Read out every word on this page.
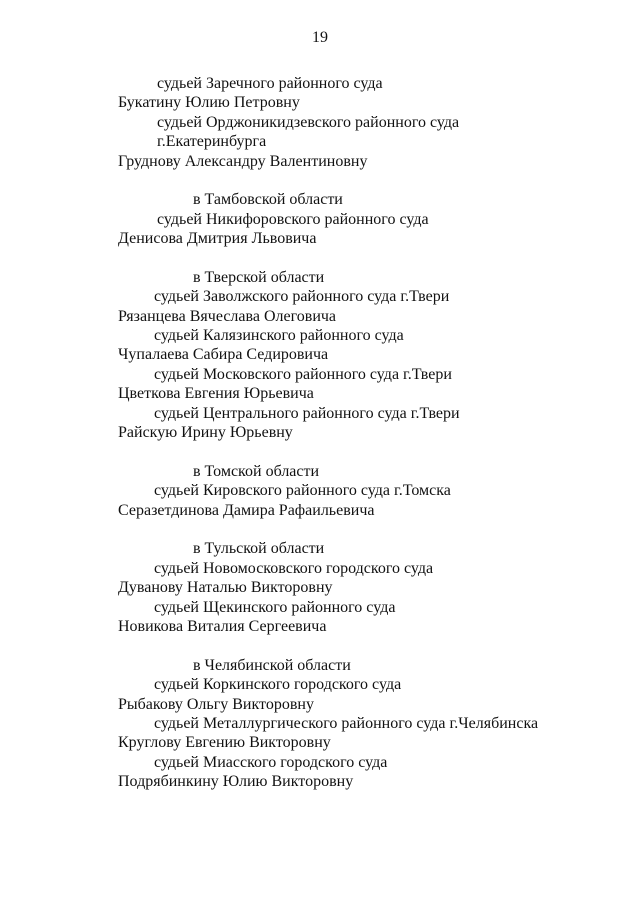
19
судьей Заречного районного суда
Букатину Юлию Петровну
судьей Орджоникидзевского районного суда
г.Екатеринбурга
Груднову Александру Валентиновну
в Тамбовской области
судьей Никифоровского районного суда
Денисова Дмитрия Львовича
в Тверской области
судьей Заволжского районного суда г.Твери
Рязанцева Вячеслава Олеговича
судьей Калязинского районного суда
Чупалаева Сабира Седировича
судьей Московского районного суда г.Твери
Цветкова Евгения Юрьевича
судьей Центрального районного суда г.Твери
Райскую Ирину Юрьевну
в Томской области
судьей Кировского районного суда г.Томска
Серазетдинова Дамира Рафаильевича
в Тульской области
судьей Новомосковского городского суда
Дуванову Наталью Викторовну
судьей Щекинского районного суда
Новикова Виталия Сергеевича
в Челябинской области
судьей Коркинского городского суда
Рыбакову Ольгу Викторовну
судьей Металлургического районного суда г.Челябинска
Круглову Евгению Викторовну
судьей Миасского городского суда
Подрябинкину Юлию Викторовну
